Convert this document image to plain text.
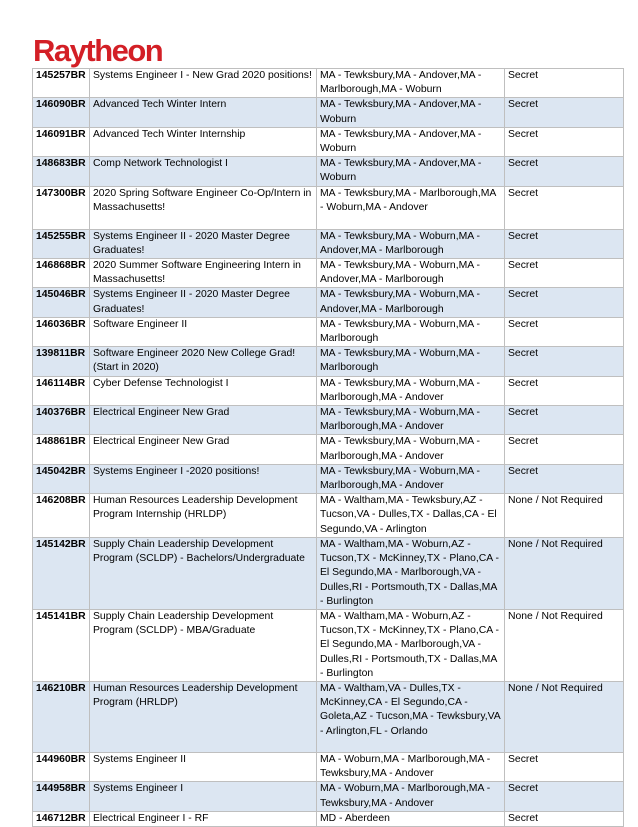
Raytheon
145257BR	Systems Engineer I - New Grad 2020 positions!	MA - Tewksbury,MA - Andover,MA - Marlborough,MA - Woburn	Secret
146090BR	Advanced Tech Winter Intern	MA - Tewksbury,MA - Andover,MA - Woburn	Secret
146091BR	Advanced Tech Winter Internship	MA - Tewksbury,MA - Andover,MA - Woburn	Secret
148683BR	Comp Network Technologist I	MA - Tewksbury,MA - Andover,MA - Woburn	Secret
147300BR	2020 Spring Software Engineer Co-Op/Intern in Massachusetts!	MA - Tewksbury,MA - Marlborough,MA - Woburn,MA - Andover	Secret
145255BR	Systems Engineer II - 2020 Master Degree Graduates!	MA - Tewksbury,MA - Woburn,MA - Andover,MA - Marlborough	Secret
146868BR	2020 Summer Software Engineering Intern in Massachusetts!	MA - Tewksbury,MA - Woburn,MA - Andover,MA - Marlborough	Secret
145046BR	Systems Engineer II - 2020 Master Degree Graduates!	MA - Tewksbury,MA - Woburn,MA - Andover,MA - Marlborough	Secret
146036BR	Software Engineer II	MA - Tewksbury,MA - Woburn,MA - Marlborough	Secret
139811BR	Software Engineer 2020 New College Grad! (Start in 2020)	MA - Tewksbury,MA - Woburn,MA - Marlborough	Secret
146114BR	Cyber Defense Technologist I	MA - Tewksbury,MA - Woburn,MA - Marlborough,MA - Andover	Secret
140376BR	Electrical Engineer New Grad	MA - Tewksbury,MA - Woburn,MA - Marlborough,MA - Andover	Secret
148861BR	Electrical Engineer New Grad	MA - Tewksbury,MA - Woburn,MA - Marlborough,MA - Andover	Secret
145042BR	Systems Engineer I -2020 positions!	MA - Tewksbury,MA - Woburn,MA - Marlborough,MA - Andover	Secret
146208BR	Human Resources Leadership Development Program Internship (HRLDP)	MA - Waltham,MA - Tewksbury,AZ - Tucson,VA - Dulles,TX - Dallas,CA - El Segundo,VA - Arlington	None / Not Required
145142BR	Supply Chain Leadership Development Program (SCLDP) - Bachelors/Undergraduate	MA - Waltham,MA - Woburn,AZ - Tucson,TX - McKinney,TX - Plano,CA - El Segundo,MA - Marlborough,VA - Dulles,RI - Portsmouth,TX - Dallas,MA - Burlington	None / Not Required
145141BR	Supply Chain Leadership Development Program (SCLDP) - MBA/Graduate	MA - Waltham,MA - Woburn,AZ - Tucson,TX - McKinney,TX - Plano,CA - El Segundo,MA - Marlborough,VA - Dulles,RI - Portsmouth,TX - Dallas,MA - Burlington	None / Not Required
146210BR	Human Resources Leadership Development Program (HRLDP)	MA - Waltham,VA - Dulles,TX - McKinney,CA - El Segundo,CA - Goleta,AZ - Tucson,MA - Tewksbury,VA - Arlington,FL - Orlando	None / Not Required
144960BR	Systems Engineer II	MA - Woburn,MA - Marlborough,MA - Tewksbury,MA - Andover	Secret
144958BR	Systems Engineer I	MA - Woburn,MA - Marlborough,MA - Tewksbury,MA - Andover	Secret
146712BR	Electrical Engineer I - RF	MD - Aberdeen	Secret
